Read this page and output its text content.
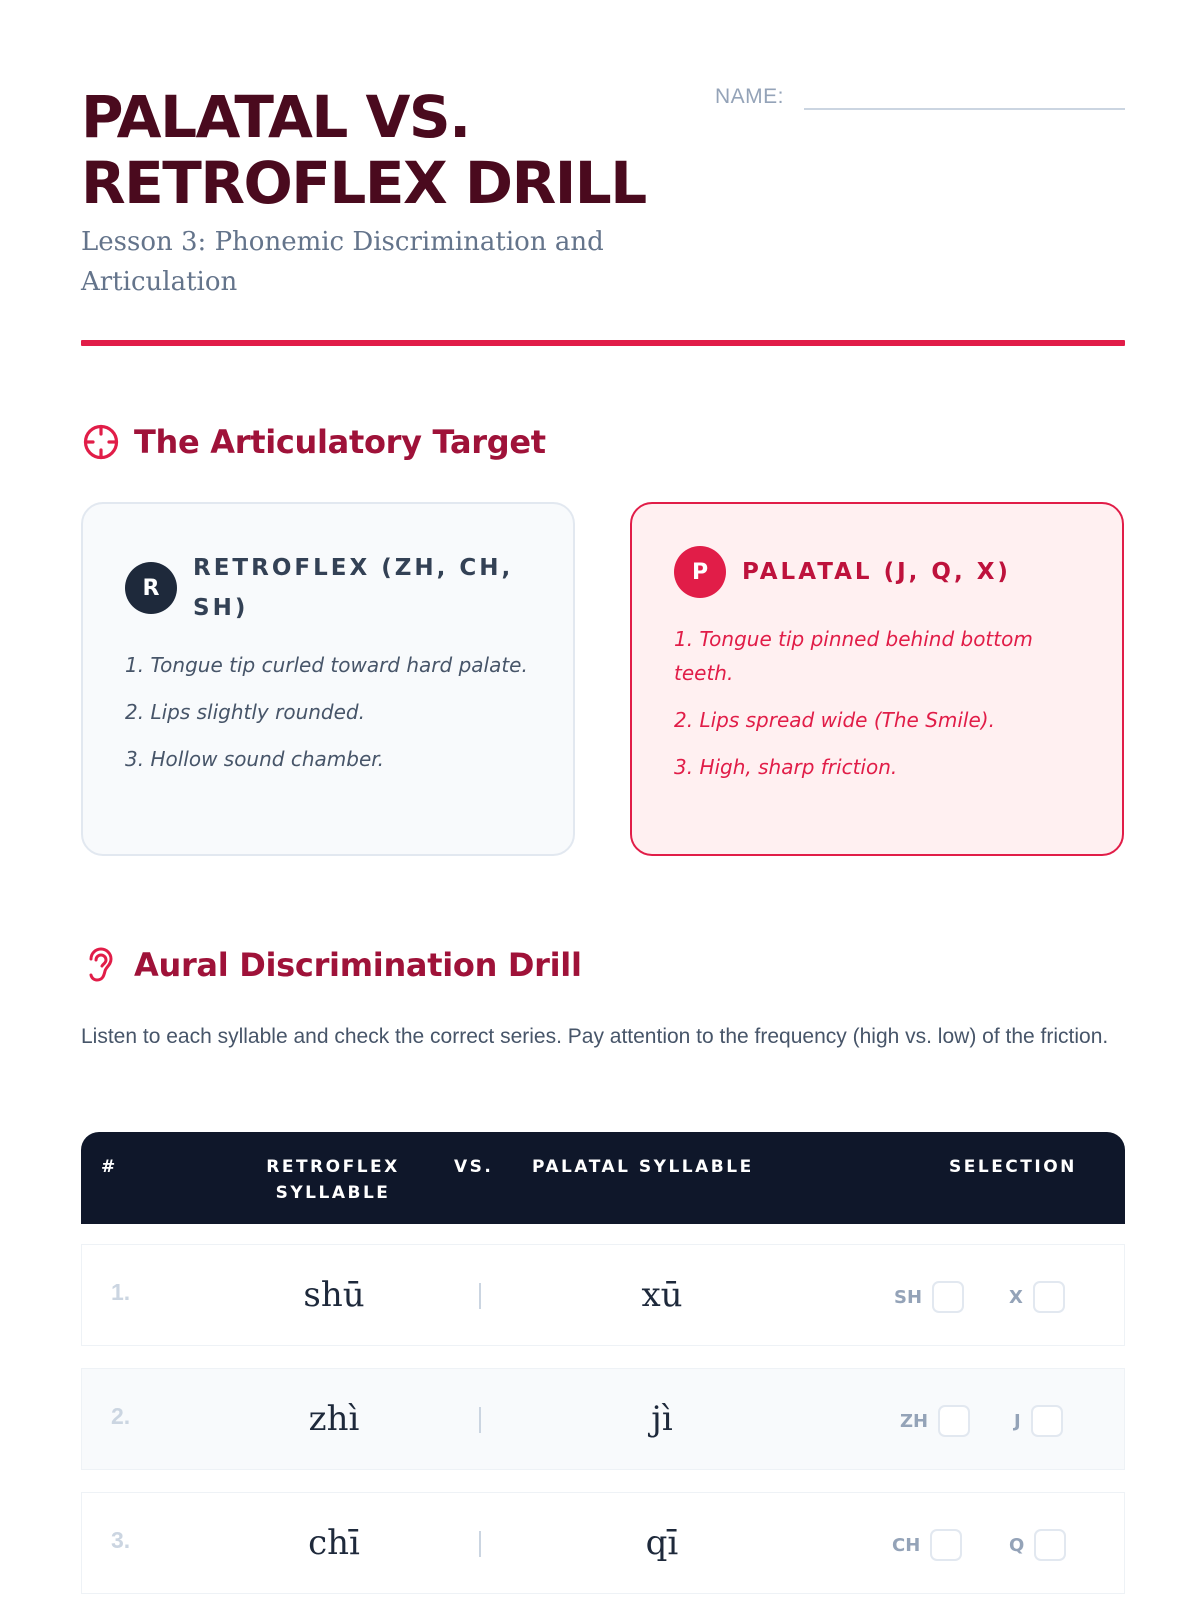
PALATAL VS. RETROFLEX DRILL
Lesson 3: Phonemic Discrimination and Articulation
NAME:
The Articulatory Target
R
RETROFLEX (ZH, CH, SH)
1. Tongue tip curled toward hard palate.
2. Lips slightly rounded.
3. Hollow sound chamber.
P	PALATAL (J, Q, X)
1. Tongue tip pinned behind bottom teeth.
2. Lips spread wide (The Smile).
3. High, sharp friction.
Aural Discrimination Drill

Listen to each syllable and check the correct series. Pay attention to the frequency (high vs. low) of the friction.

#	RETROFLEX SYLLABLE
VS. PALATAL SYLLABLE	SELECTION
1.	shū	xū	SH	X
2.	zhì	jì	ZH	J
3.	chī	qī	CH	Q
